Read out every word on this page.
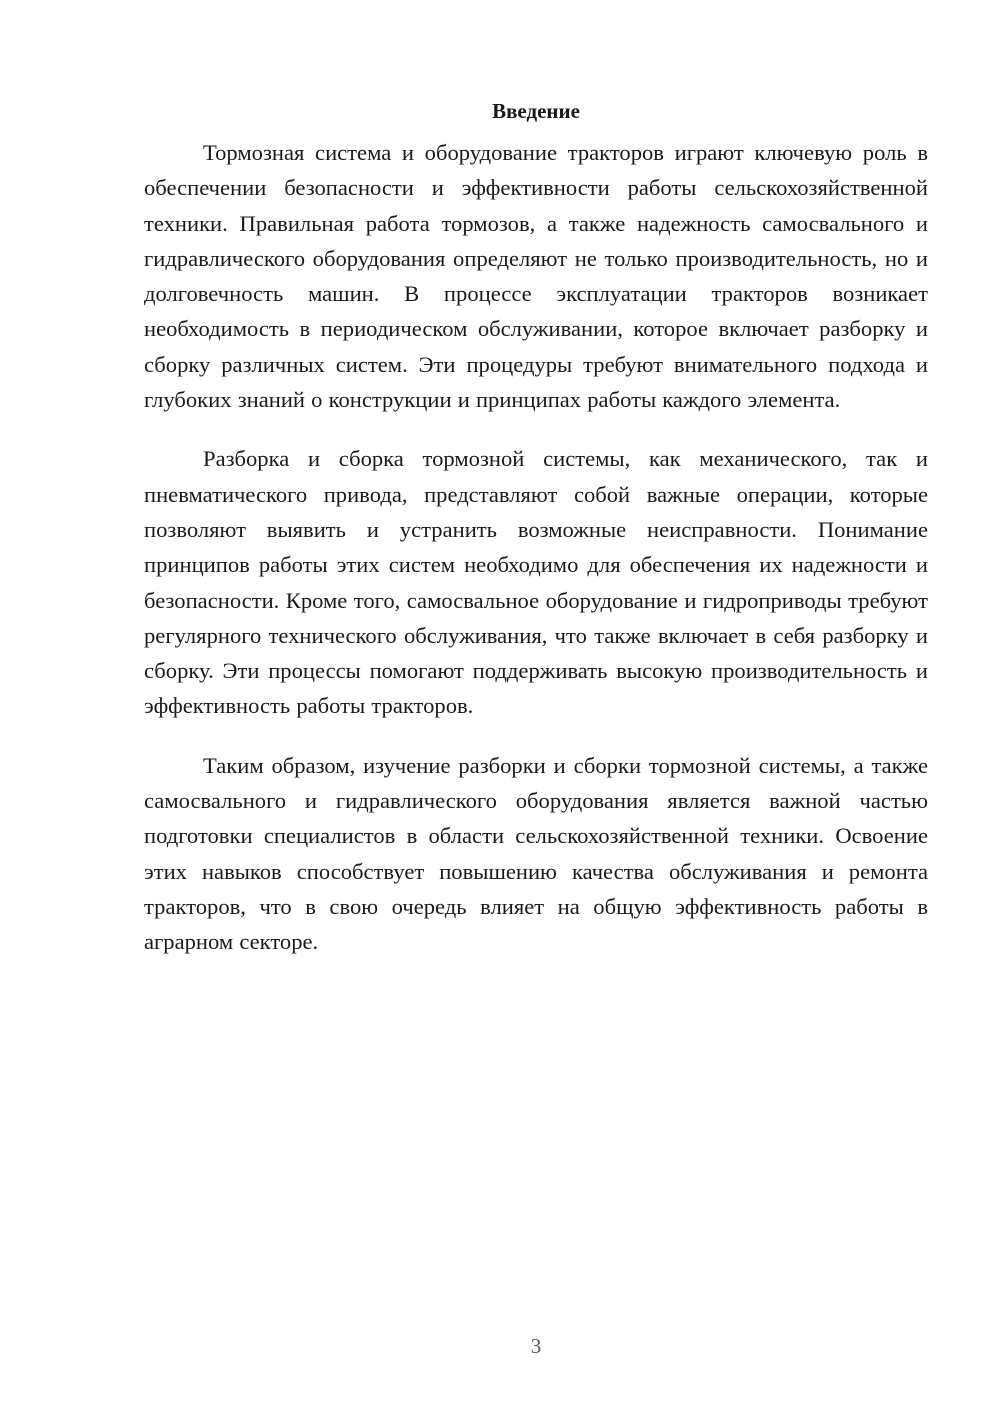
Введение

Тормозная система и оборудование тракторов играют ключевую роль в обеспечении безопасности и эффективности работы сельскохозяйственной техники. Правильная работа тормозов, а также надежность самосвального и гидравлического оборудования определяют не только производительность, но и долговечность машин. В процессе эксплуатации тракторов возникает необходимость в периодическом обслуживании, которое включает разборку и сборку различных систем. Эти процедуры требуют внимательного подхода и глубоких знаний о конструкции и принципах работы каждого элемента.

Разборка и сборка тормозной системы, как механического, так и пневматического привода, представляют собой важные операции, которые позволяют выявить и устранить возможные неисправности. Понимание принципов работы этих систем необходимо для обеспечения их надежности и безопасности. Кроме того, самосвальное оборудование и гидроприводы требуют регулярного технического обслуживания, что также включает в себя разборку и сборку. Эти процессы помогают поддерживать высокую производительность и эффективность работы тракторов.

Таким образом, изучение разборки и сборки тормозной системы, а также самосвального и гидравлического оборудования является важной частью подготовки специалистов в области сельскохозяйственной техники. Освоение этих навыков способствует повышению качества обслуживания и ремонта тракторов, что в свою очередь влияет на общую эффективность работы в аграрном секторе.

3
